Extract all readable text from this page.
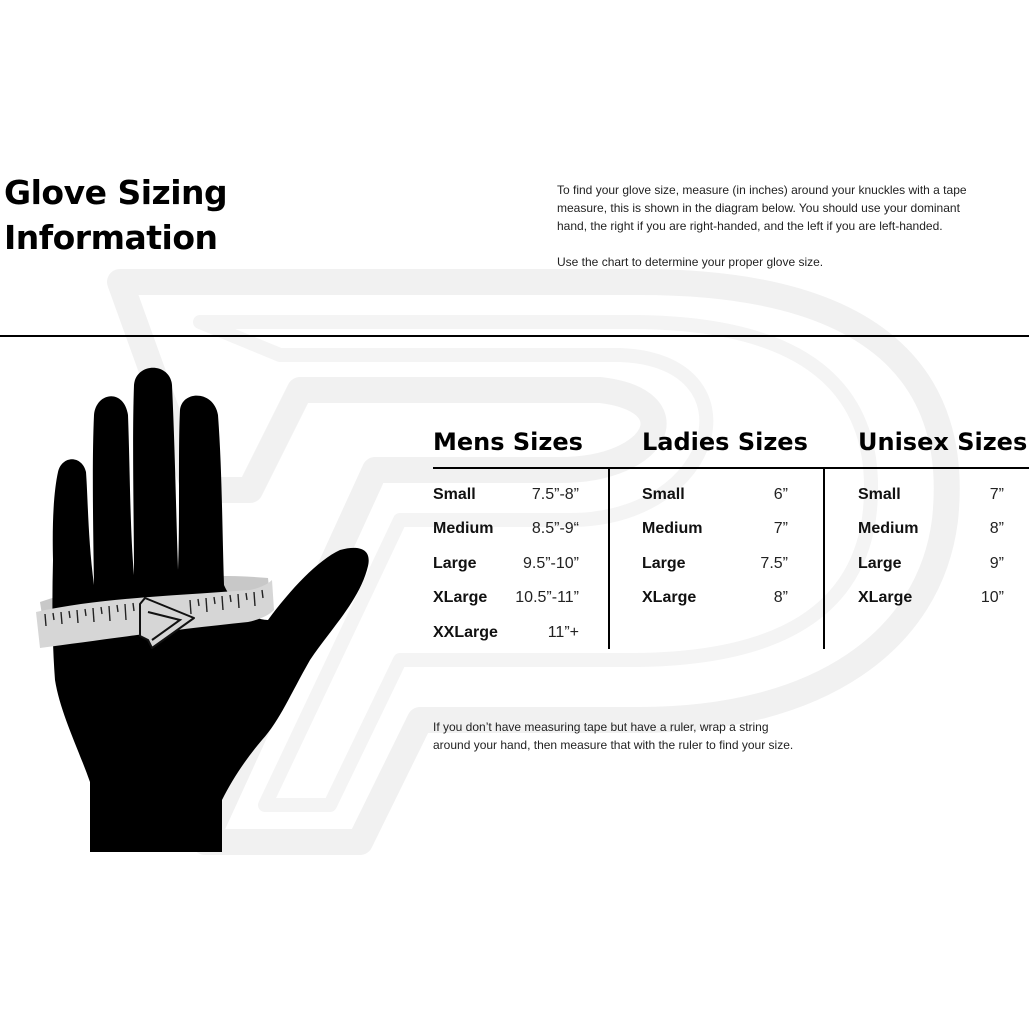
Glove Sizing
Information

To find your glove size, measure (in inches) around your knuckles with a tape measure, this is shown in the diagram below. You should use your dominant hand, the right if you are right-handed, and the left if you are left-handed.

Use the chart to determine your proper glove size.

Mens Sizes Ladies Sizes Unisex Sizes
Small	7.5”-8”
Medium 8.5”-9“
Large	9.5”-10”
XLarge 10.5”-11”
XXLarge	11”+
Small	6”
Medium	7”
Large	7.5”
XLarge	8”
Small	7”
Medium	8”
Large	9”
XLarge	10”
If you don’t have measuring tape but have a ruler, wrap a string
around your hand, then measure that with the ruler to find your size.
